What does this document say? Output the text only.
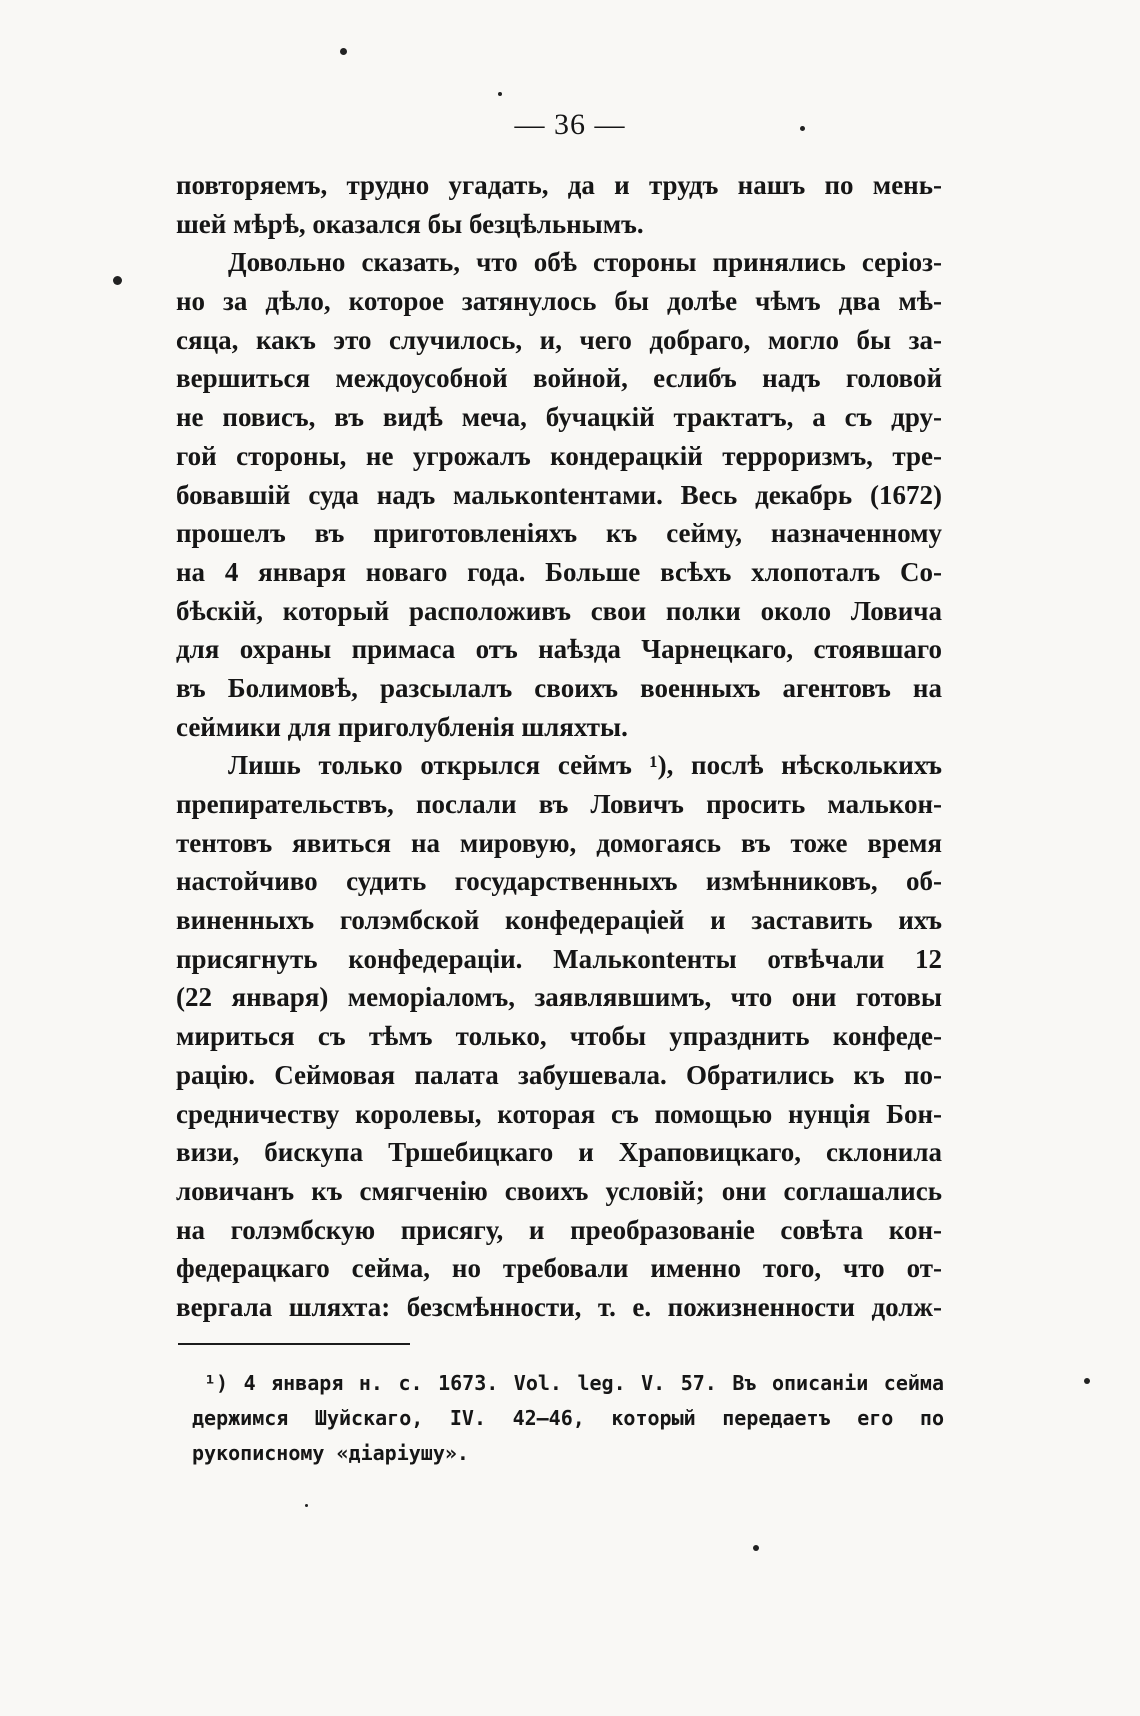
— 36 —
повторяемъ, трудно угадать, да и трудъ нашъ по мень-
шей мѣрѣ, оказался бы безцѣльнымъ.
Довольно сказать, что обѣ стороны принялись серіоз-
но за дѣло, которое затянулось бы долѣе чѣмъ два мѣ-
сяца, какъ это случилось, и, чего добраго, могло бы за-
вершиться междоусобной войной, еслибъ надъ головой
не повисъ, въ видѣ меча, бучацкій трактатъ, а съ дру-
гой стороны, не угрожалъ кондерацкій терроризмъ, тре-
бовавшій суда надъ малькontентами. Весь декабрь (1672)
прошелъ въ приготовленіяхъ къ сейму, назначенному
на 4 января новаго года. Больше всѣхъ хлопоталъ Со-
бѣскій, который расположивъ свои полки около Ловича
для охраны примаса отъ наѣзда Чарнецкаго, стоявшаго
въ Болимовѣ, разсылалъ своихъ военныхъ агентовъ на
сеймики для приголубленія шляхты.
Лишь только открылся сеймъ ¹), послѣ нѣсколькихъ
препирательствъ, послали въ Ловичъ просить малькон-
тентовъ явиться на мировую, домогаясь въ тоже время
настойчиво судить государственныхъ измѣнниковъ, об-
виненныхъ голэмбской конфедераціей и заставить ихъ
присягнуть конфедераціи. Малькontенты отвѣчали 12
(22 января) меморіаломъ, заявлявшимъ, что они готовы
мириться съ тѣмъ только, чтобы упразднить конфеде-
рацію. Сеймовая палата забушевала. Обратились къ по-
средничеству королевы, которая съ помощью нунція Бон-
визи, бискупа Тршебицкаго и Храповицкаго, склонила
ловичанъ къ смягченію своихъ условій; они соглашались
на голэмбскую присягу, и преобразованіе совѣта кон-
федерацкаго сейма, но требовали именно того, что от-
вергала шляхта: безсмѣнности, т. е. пожизненности долж-
¹) 4 января н. с. 1673. Vol. leg. V. 57. Въ описаніи сейма
держимся Шуйскаго, IV. 42—46, который передаетъ его по
рукописному «діаріушу».
